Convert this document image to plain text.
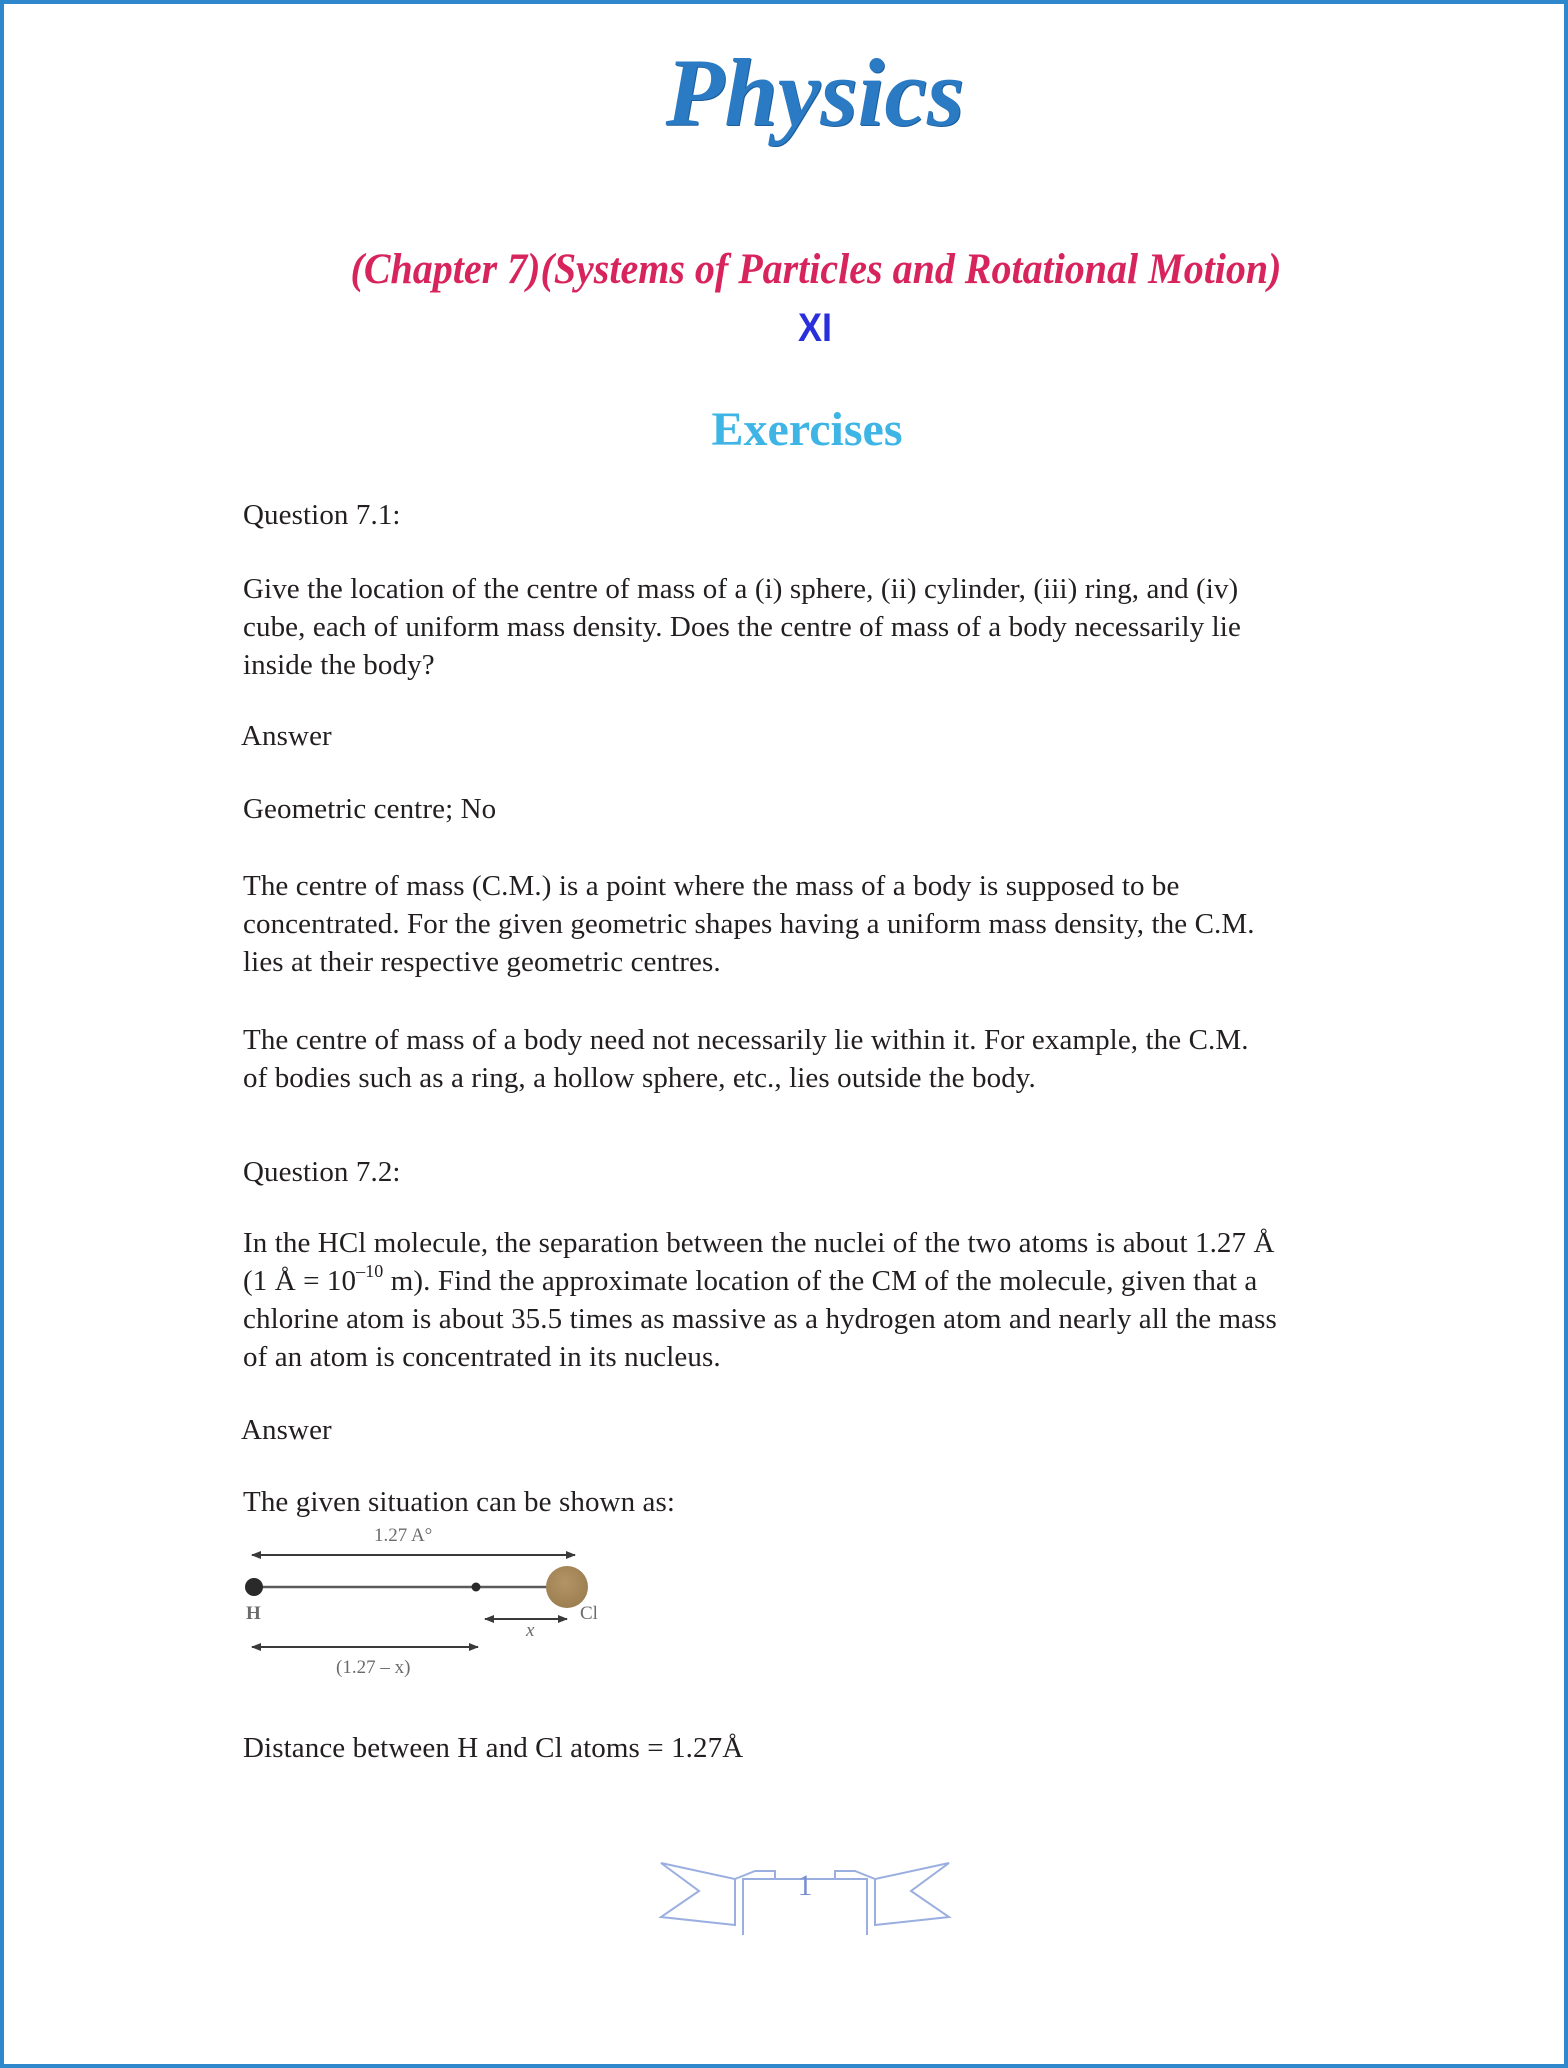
Physics
(Chapter 7)(Systems of Particles and Rotational Motion)
XI
Exercises
Question 7.1:
Give the location of the centre of mass of a (i) sphere, (ii) cylinder, (iii) ring, and (iv)
cube, each of uniform mass density. Does the centre of mass of a body necessarily lie
inside the body?
Answer
Geometric centre; No
The centre of mass (C.M.) is a point where the mass of a body is supposed to be
concentrated. For the given geometric shapes having a uniform mass density, the C.M.
lies at their respective geometric centres.
The centre of mass of a body need not necessarily lie within it. For example, the C.M.
of bodies such as a ring, a hollow sphere, etc., lies outside the body.
Question 7.2:
In the HCl molecule, the separation between the nuclei of the two atoms is about 1.27 Å
(1 Å = $10^{-10}$ m). Find the approximate location of the CM of the molecule, given that a
chlorine atom is about 35.5 times as massive as a hydrogen atom and nearly all the mass
of an atom is concentrated in its nucleus.
Answer
The given situation can be shown as:
1.27 A°
H	Cl
x
(1.27 – x)
Distance between H and Cl atoms = 1.27Å
1
